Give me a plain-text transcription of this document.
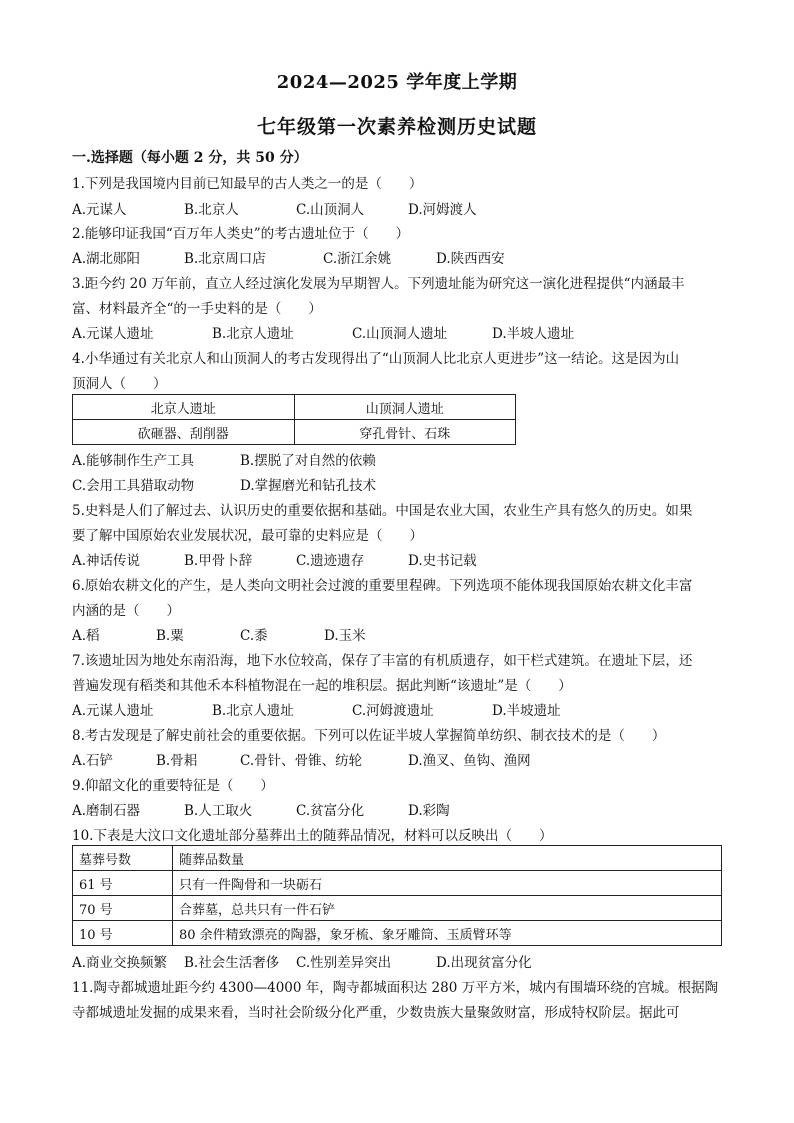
2024—2025 学年度上学期
七年级第一次素养检测历史试题
一.选择题（每小题 2 分，共 50 分）
1.下列是我国境内目前已知最早的古人类之一的是（　　）
A.元谋人	B.北京人	C.山顶洞人	D.河姆渡人
2.能够印证我国“百万年人类史”的考古遗址位于（　　）
A.湖北郧阳	B.北京周口店	C.浙江余姚	D.陕西西安
3.距今约 20 万年前，直立人经过演化发展为早期智人。下列遗址能为研究这一演化进程提供“内涵最丰
富、材料最齐全“的一手史料的是（　　）
A.元谋人遗址	B.北京人遗址	C.山顶洞人遗址	D.半坡人遗址
4.小华通过有关北京人和山顶洞人的考古发现得出了“山顶洞人比北京人更进步”这一结论。这是因为山
顶洞人（　　）
北京人遗址	山顶洞人遗址
砍砸器、刮削器	穿孔骨针、石珠
A.能够制作生产工具	B.摆脱了对自然的依赖
C.会用工具猎取动物	D.掌握磨光和钻孔技术
5.史料是人们了解过去、认识历史的重要依据和基础。中国是农业大国，农业生产具有悠久的历史。如果
要了解中国原始农业发展状况，最可靠的史料应是（　　）
A.神话传说	B.甲骨卜辞	C.遗迹遗存	D.史书记载
6.原始农耕文化的产生，是人类向文明社会过渡的重要里程碑。下列选项不能体现我国原始农耕文化丰富
内涵的是（　　）
A.稻	B.粟	C.黍	D.玉米
7.该遗址因为地处东南沿海，地下水位较高，保存了丰富的有机质遗存，如干栏式建筑。在遗址下层，还
普遍发现有稻类和其他禾本科植物混在一起的堆积层。据此判断“该遗址”是（　　）
A.元谋人遗址	B.北京人遗址	C.河姆渡遗址	D.半坡遗址
8.考古发现是了解史前社会的重要依据。下列可以佐证半坡人掌握简单纺织、制衣技术的是（　　）
A.石铲	B.骨耜	C.骨针、骨锥、纺轮	D.渔叉、鱼钩、渔网
9.仰韶文化的重要特征是（　　）
A.磨制石器	B.人工取火	C.贫富分化	D.彩陶
10.下表是大汶口文化遗址部分墓葬出土的随葬品情况，材料可以反映出（　　）
墓葬号数	随葬品数量
61 号	只有一件陶骨和一块砺石
70 号	合葬墓，总共只有一件石铲
10 号	80 余件精致漂亮的陶器，象牙梳、象牙雕筒、玉质臂环等
A.商业交换频繁 B.社会生活奢侈 C.性别差异突出	D.出现贫富分化
11.陶寺都城遗址距今约 4300—4000 年，陶寺都城面积达 280 万平方米，城内有围墙环绕的宫城。根据陶
寺都城遗址发掘的成果来看，当时社会阶级分化严重，少数贵族大量聚敛财富，形成特权阶层。据此可
